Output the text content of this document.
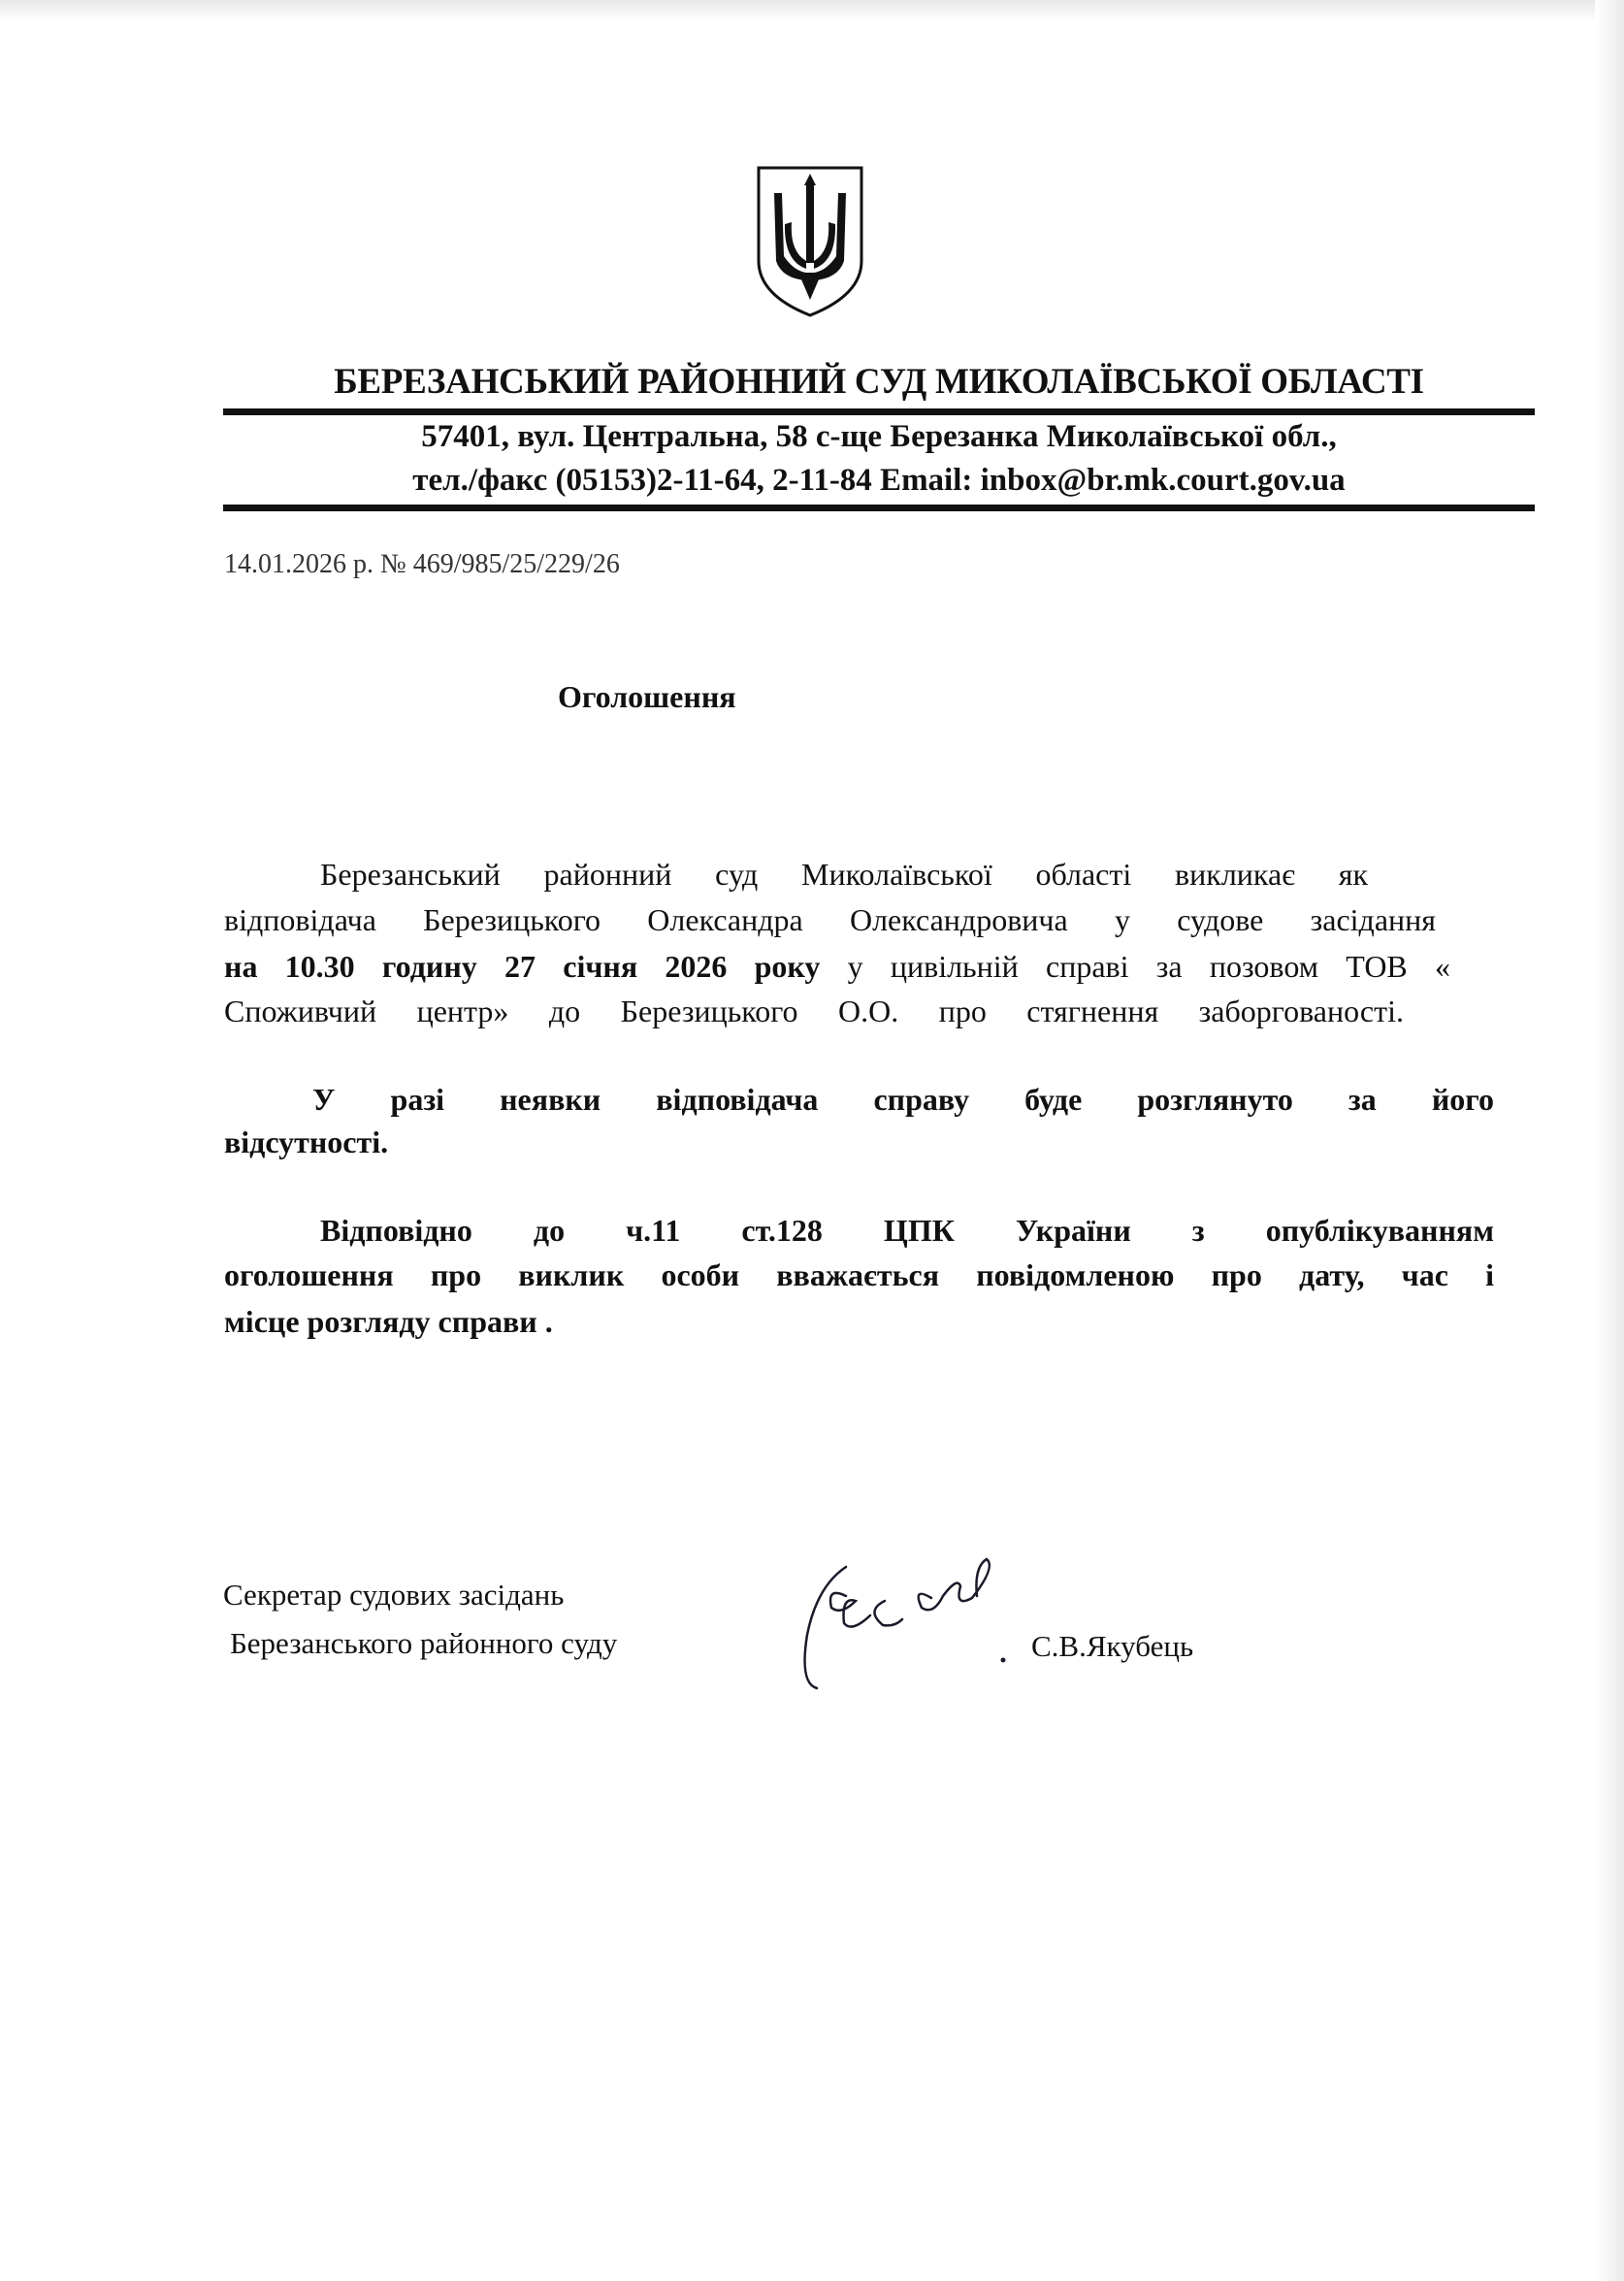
БЕРЕЗАНСЬКИЙ РАЙОННИЙ СУД МИКОЛАЇВСЬКОЇ ОБЛАСТІ
57401, вул. Центральна, 58 с-ще Березанка Миколаївської обл.,
тел./факс (05153)2-11-64, 2-11-84 Email: inbox@br.mk.court.gov.ua
14.01.2026 р. № 469/985/25/229/26
Оголошення
Березанський районний суд Миколаївської області викликає як
відповідача Березицького Олександра Олександровича у судове засідання
на 10.30 годину 27 січня 2026 року у цивільній справі за позовом ТОВ «
Споживчий центр» до Березицького О.О. про стягнення заборгованості.
У разі неявки відповідача справу буде розглянуто за його
відсутності.
Відповідно до ч.11 ст.128 ЦПК України з опублікуванням
оголошення про виклик особи вважається повідомленою про дату, час і
місце розгляду справи .
Секретар судових засідань
Березанського районного суду	С.В.Якубець
